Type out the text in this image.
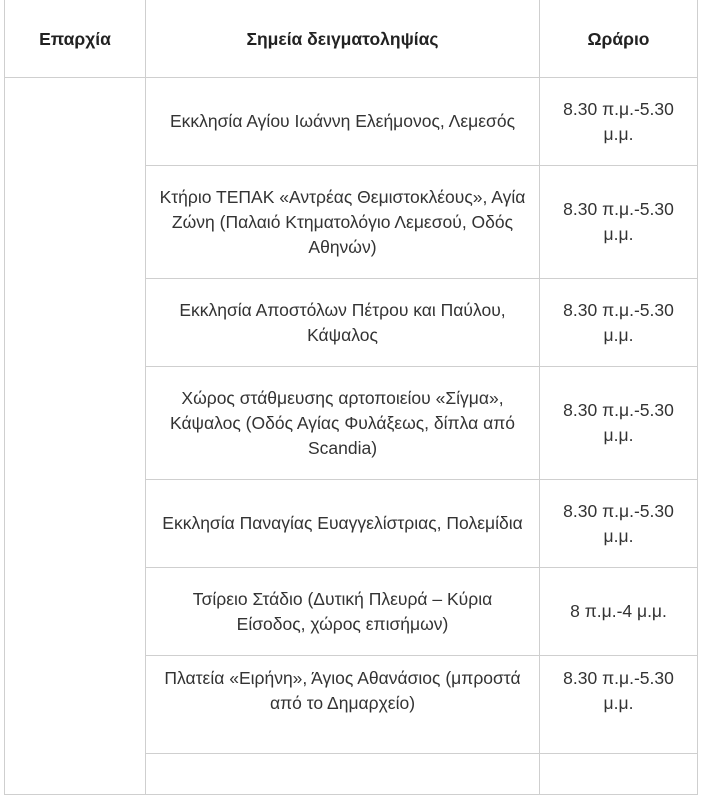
Επαρχία	Σημεία δειγματοληψίας	Ωράριο
	Εκκλησία Αγίου Ιωάννη Ελεήμονος, Λεμεσός	8.30 π.μ.-5.30 μ.μ.
	Κτήριο ΤΕΠΑΚ «Αντρέας Θεμιστοκλέους», Αγία Ζώνη (Παλαιό Κτηματολόγιο Λεμεσού, Οδός Αθηνών)	8.30 π.μ.-5.30 μ.μ.
	Εκκλησία Αποστόλων Πέτρου και Παύλου, Κάψαλος	8.30 π.μ.-5.30 μ.μ.
	Χώρος στάθμευσης αρτοποιείου «Σίγμα», Κάψαλος (Οδός Αγίας Φυλάξεως, δίπλα από Scandia)	8.30 π.μ.-5.30 μ.μ.
	Εκκλησία Παναγίας Ευαγγελίστριας, Πολεμίδια	8.30 π.μ.-5.30 μ.μ.
	Τσίρειο Στάδιο (Δυτική Πλευρά – Κύρια Είσοδος, χώρος επισήμων)	8 π.μ.-4 μ.μ.
	Πλατεία «Ειρήνη», Άγιος Αθανάσιος (μπροστά από το Δημαρχείο)	8.30 π.μ.-5.30 μ.μ.
